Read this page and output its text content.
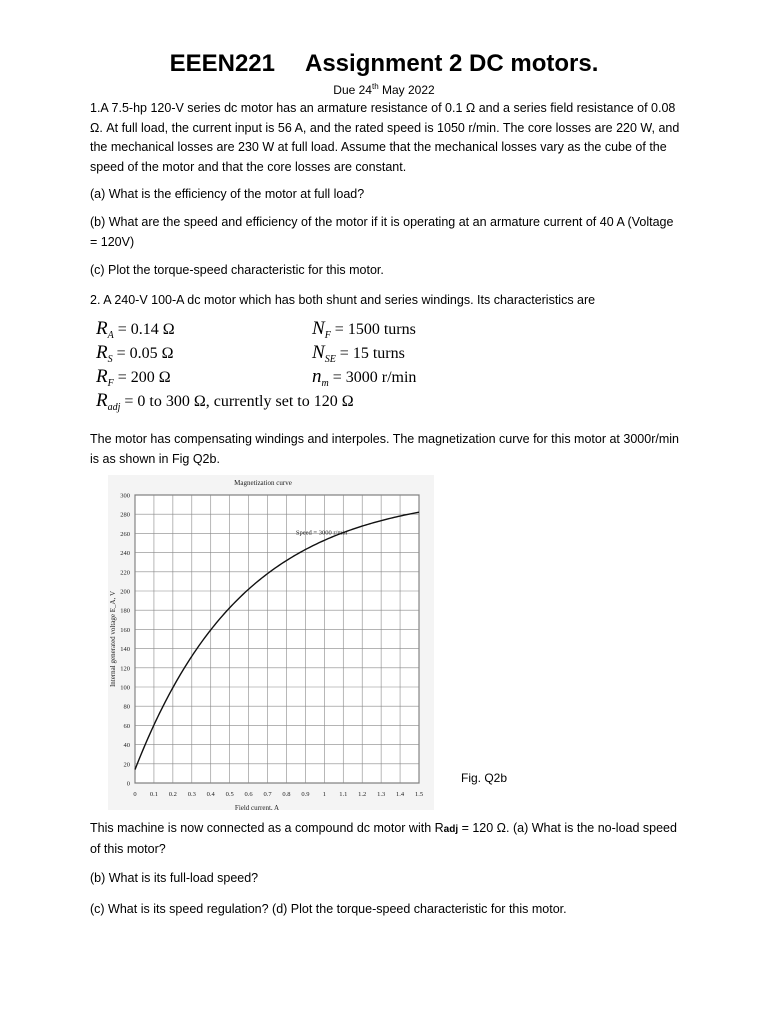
EEEN221 Assignment 2 DC motors.
Due 24th May 2022

1.A 7.5-hp 120-V series dc motor has an armature resistance of 0.1 Ω and a series field resistance of 0.08 Ω. At full load, the current input is 56 A, and the rated speed is 1050 r/min. The core losses are 220 W, and the mechanical losses are 230 W at full load. Assume that the mechanical losses vary as the cube of the speed of the motor and that the core losses are constant.

(a) What is the efficiency of the motor at full load?

(b) What are the speed and efficiency of the motor if it is operating at an armature current of 40 A (Voltage = 120V)

(c) Plot the torque-speed characteristic for this motor.

2. A 240-V 100-A dc motor which has both shunt and series windings. Its characteristics are

$R_A = 0.14$ Ω	$N_F = 1500$ turns
$R_S = 0.05$ Ω	$N_{SE} = 15$ turns
$R_F = 200$ Ω	$n_m = 3000$ r/min
$R_{adj} = 0$ to 300 Ω, currently set to 120 Ω

The motor has compensating windings and interpoles. The magnetization curve for this motor at 3000r/min is as shown in Fig Q2b.

0 0.1 0.2 0.3 0.4 0.5 0.6 0.7 0.8 0.9 1 1.1 1.2 1.3 1.4 1.5
0
20
40
60
80
100
120
140
160
180
200
220
240
260
280
300
Magnetization curve
Field current, A
Internal generated voltage E_A, V
Speed = 3000 r/min
Fig. Q2b

This machine is now connected as a compound dc motor with Radj = 120 Ω. (a) What is the no-load speed of this motor?

(b) What is its full-load speed?

(c) What is its speed regulation? (d) Plot the torque-speed characteristic for this motor.
